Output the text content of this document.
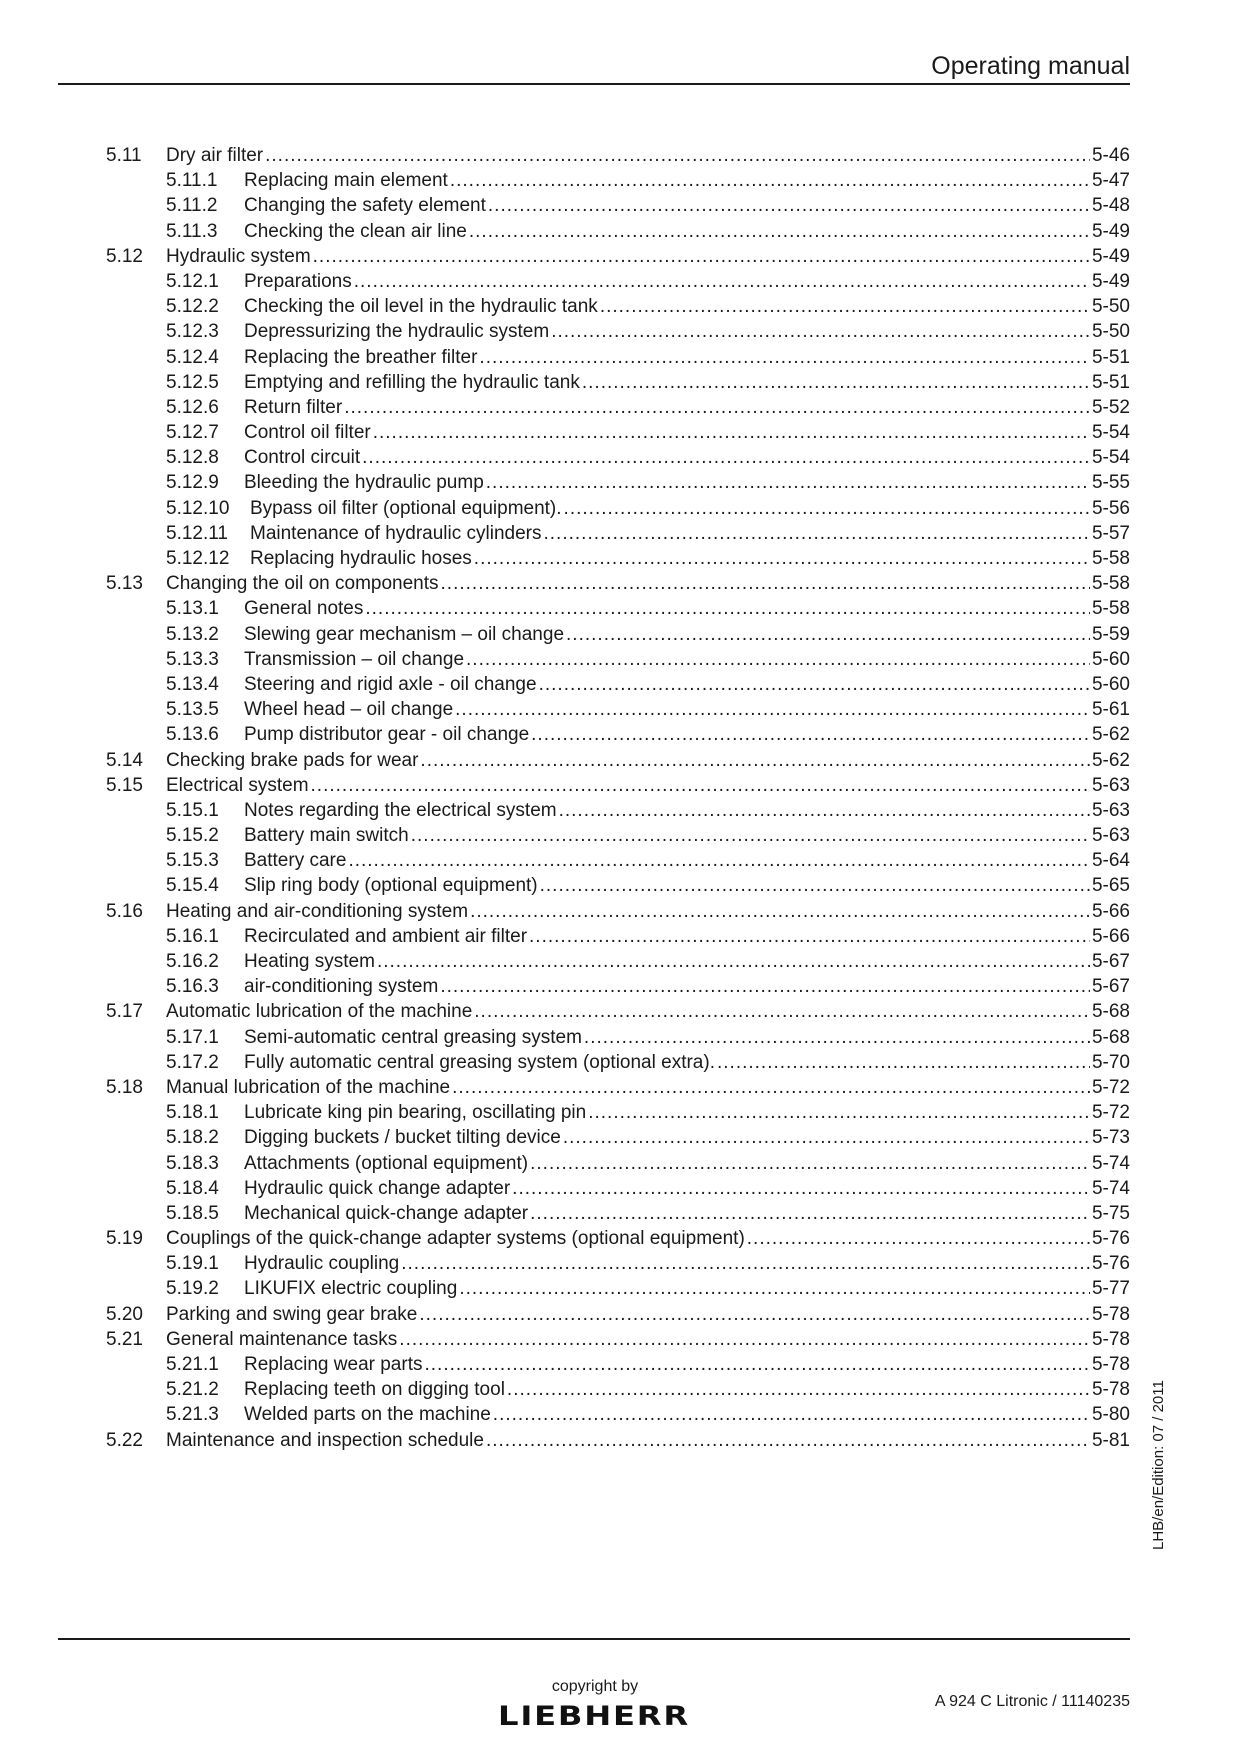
Operating manual
5.11	Dry air filter .....	5-46
5.11.1	Replacing main element .....	5-47
5.11.2	Changing the safety element .....	5-48
5.11.3	Checking the clean air line .....	5-49
5.12	Hydraulic system .....	5-49
5.12.1	Preparations .....	5-49
5.12.2	Checking the oil level in the hydraulic tank .....	5-50
5.12.3	Depressurizing the hydraulic system .....	5-50
5.12.4	Replacing the breather filter .....	5-51
5.12.5	Emptying and refilling the hydraulic tank .....	5-51
5.12.6	Return filter .....	5-52
5.12.7	Control oil filter .....	5-54
5.12.8	Control circuit .....	5-54
5.12.9	Bleeding the hydraulic pump .....	5-55
5.12.10	Bypass oil filter (optional equipment). .....	5-56
5.12.11	Maintenance of hydraulic cylinders .....	5-57
5.12.12	Replacing hydraulic hoses .....	5-58
5.13	Changing the oil on components .....	5-58
5.13.1	General notes .....	5-58
5.13.2	Slewing gear mechanism – oil change .....	5-59
5.13.3	Transmission – oil change .....	5-60
5.13.4	Steering and rigid axle - oil change .....	5-60
5.13.5	Wheel head – oil change .....	5-61
5.13.6	Pump distributor gear - oil change .....	5-62
5.14	Checking brake pads for wear .....	5-62
5.15	Electrical system .....	5-63
5.15.1	Notes regarding the electrical system .....	5-63
5.15.2	Battery main switch .....	5-63
5.15.3	Battery care .....	5-64
5.15.4	Slip ring body (optional equipment) .....	5-65
5.16	Heating and air-conditioning system .....	5-66
5.16.1	Recirculated and ambient air filter .....	5-66
5.16.2	Heating system .....	5-67
5.16.3	air-conditioning system .....	5-67
5.17	Automatic lubrication of the machine .....	5-68
5.17.1	Semi-automatic central greasing system .....	5-68
5.17.2	Fully automatic central greasing system (optional extra). .....	5-70
5.18	Manual lubrication of the machine .....	5-72
5.18.1	Lubricate king pin bearing, oscillating pin .....	5-72
5.18.2	Digging buckets / bucket tilting device .....	5-73
5.18.3	Attachments (optional equipment) .....	5-74
5.18.4	Hydraulic quick change adapter .....	5-74
5.18.5	Mechanical quick-change adapter .....	5-75
5.19	Couplings of the quick-change adapter systems (optional equipment) .....	5-76
5.19.1	Hydraulic coupling .....	5-76
5.19.2	LIKUFIX electric coupling .....	5-77
5.20	Parking and swing gear brake .....	5-78
5.21	General maintenance tasks .....	5-78
5.21.1	Replacing wear parts .....	5-78
5.21.2	Replacing teeth on digging tool .....	5-78
5.21.3	Welded parts on the machine .....	5-80
5.22	Maintenance and inspection schedule .....	5-81 LHB/en/Edition: 07 / 2011
copyright by
LIEBHERR	A 924 C Litronic / 11140235
